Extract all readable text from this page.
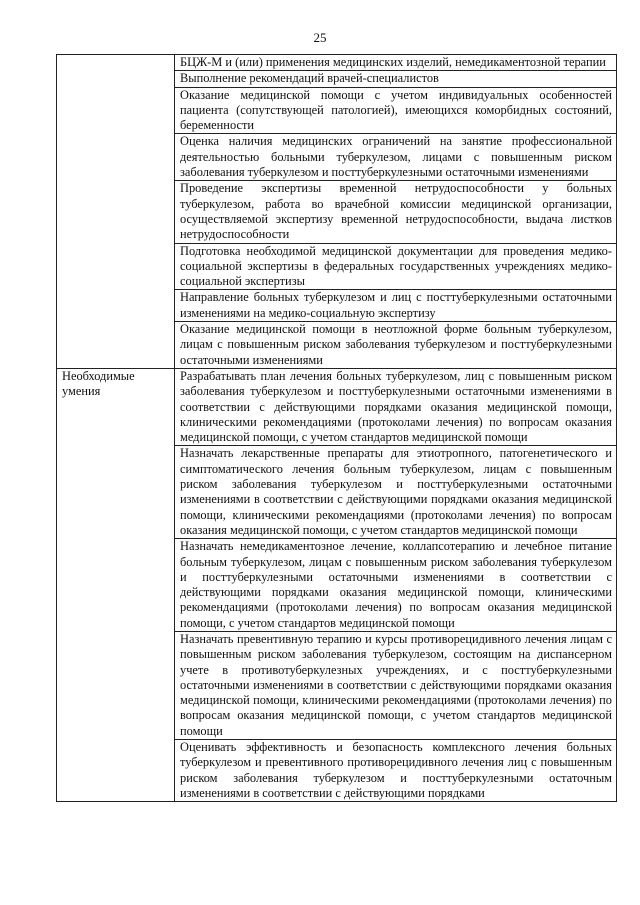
25
	БЦЖ-М и (или) применения медицинских изделий, немедикаментозной терапии
	Выполнение рекомендаций врачей-специалистов
	Оказание медицинской помощи с учетом индивидуальных особенностей пациента (сопутствующей патологией), имеющихся коморбидных состояний, беременности
	Оценка наличия медицинских ограничений на занятие профессиональной деятельностью больными туберкулезом, лицами с повышенным риском заболевания туберкулезом и посттуберкулезными остаточными изменениями
	Проведение экспертизы временной нетрудоспособности у больных туберкулезом, работа во врачебной комиссии медицинской организации, осуществляемой экспертизу временной нетрудоспособности, выдача листков нетрудоспособности
	Подготовка необходимой медицинской документации для проведения медико-социальной экспертизы в федеральных государственных учреждениях медико-социальной экспертизы
	Направление больных туберкулезом и лиц с посттуберкулезными остаточными изменениями на медико-социальную экспертизу
	Оказание медицинской помощи в неотложной форме больным туберкулезом, лицам с повышенным риском заболевания туберкулезом и посттуберкулезными остаточными изменениями

Необходимые
умения	Разрабатывать план лечения больных туберкулезом, лиц с повышенным риском заболевания туберкулезом и посттуберкулезными остаточными изменениями в соответствии с действующими порядками оказания медицинской помощи, клиническими рекомендациями (протоколами лечения) по вопросам оказания медицинской помощи, с учетом стандартов медицинской помощи
	Назначать лекарственные препараты для этиотропного, патогенетического и симптоматического лечения больным туберкулезом, лицам с повышенным риском заболевания туберкулезом и посттуберкулезными остаточными изменениями в соответствии с действующими порядками оказания медицинской помощи, клиническими рекомендациями (протоколами лечения) по вопросам оказания медицинской помощи, с учетом стандартов медицинской помощи
	Назначать немедикаментозное лечение, коллапсотерапию и лечебное питание больным туберкулезом, лицам с повышенным риском заболевания туберкулезом и посттуберкулезными остаточными изменениями в соответствии с действующими порядками оказания медицинской помощи, клиническими рекомендациями (протоколами лечения) по вопросам оказания медицинской помощи, с учетом стандартов медицинской помощи
	Назначать превентивную терапию и курсы противорецидивного лечения лицам с повышенным риском заболевания туберкулезом, состоящим на диспансерном учете в противотуберкулезных учреждениях, и с посттуберкулезными остаточными изменениями в соответствии с действующими порядками оказания медицинской помощи, клиническими рекомендациями (протоколами лечения) по вопросам оказания медицинской помощи, с учетом стандартов медицинской помощи
	Оценивать эффективность и безопасность комплексного лечения больных туберкулезом и превентивного противорецидивного лечения лиц с повышенным риском заболевания туберкулезом и посттуберкулезными остаточным изменениями в соответствии с действующими порядками
